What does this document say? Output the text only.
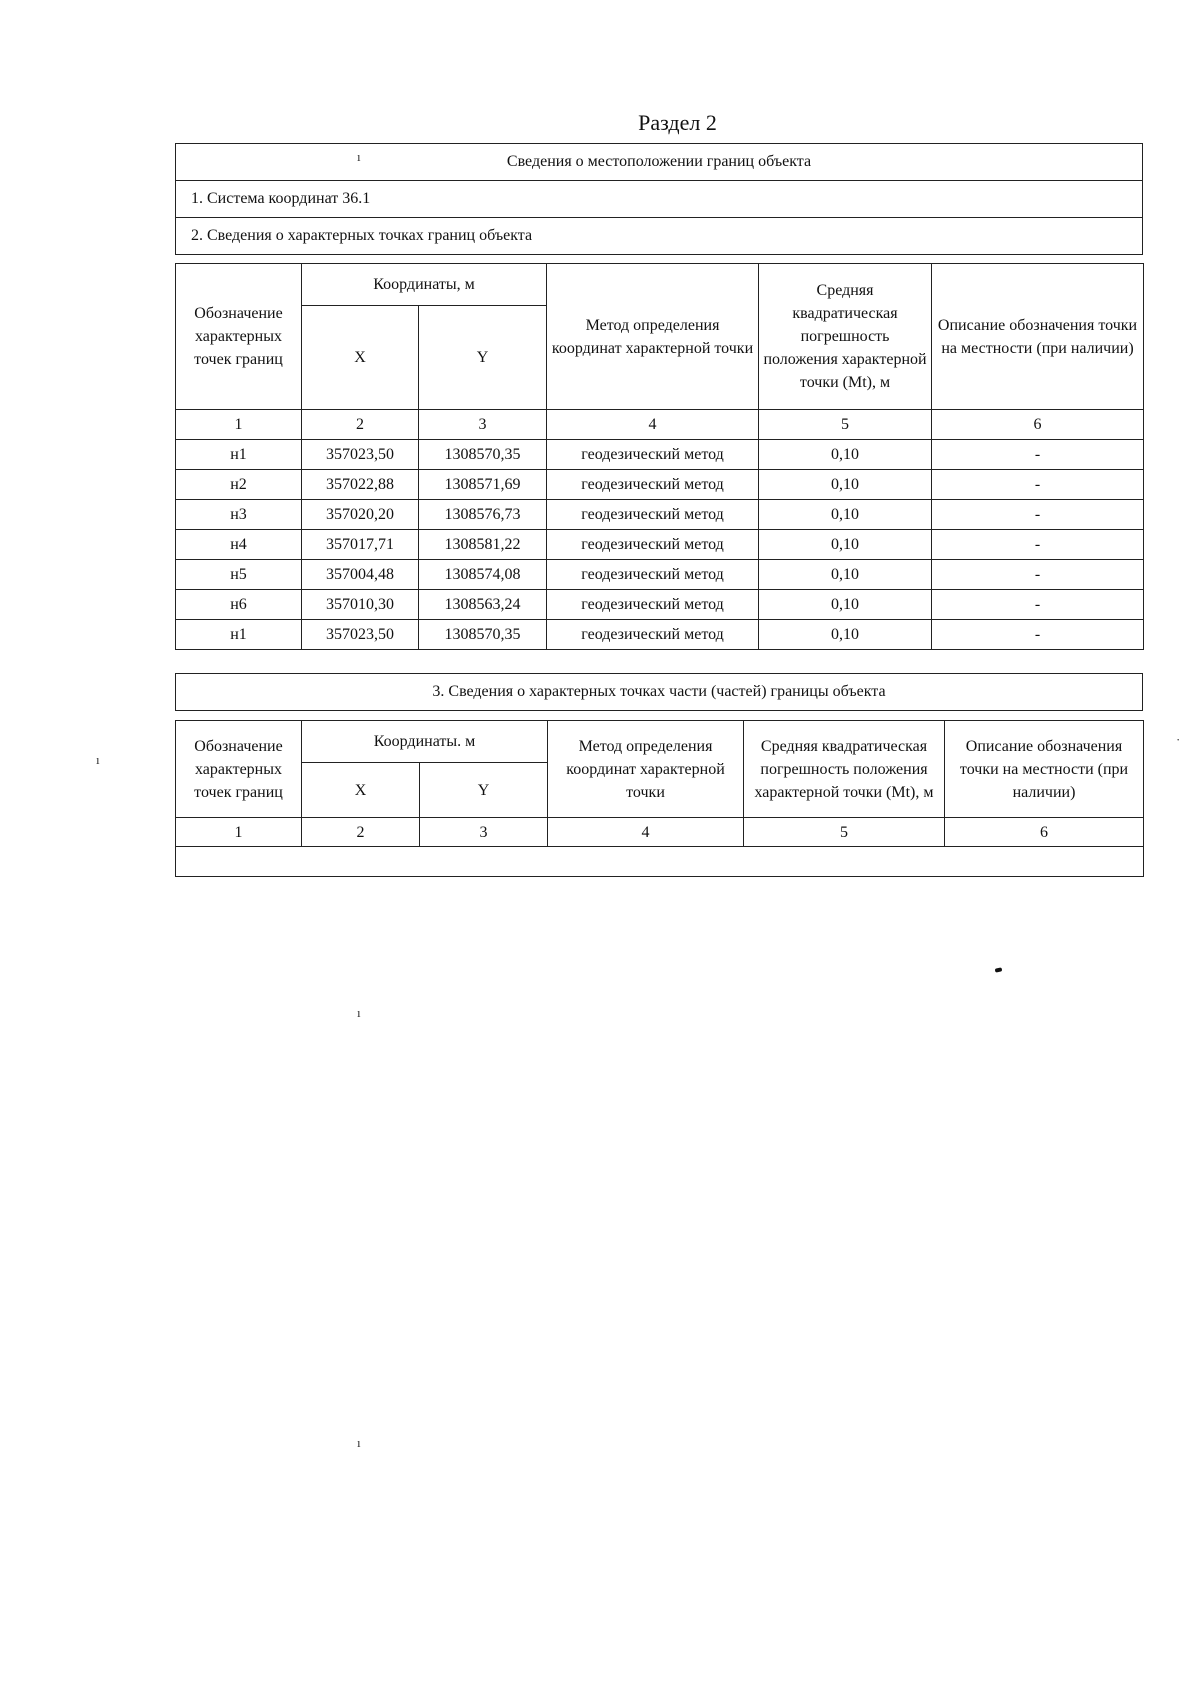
Раздел 2
Сведения о местоположении границ объекта
1. Система координат 36.1
2. Сведения о характерных точках границ объекта
Обозначение характерных точек границ	Координаты, м		Метод определения координат характерной точки	Средняя квадратическая погрешность положения характерной точки (Mt), м	Описание обозначения точки на местности (при наличии)
	X	Y			
1	2	3	4	5	6
н1	357023,50	1308570,35	геодезический метод	0,10	-
н2	357022,88	1308571,69	геодезический метод	0,10	-
н3	357020,20	1308576,73	геодезический метод	0,10	-
н4	357017,71	1308581,22	геодезический метод	0,10	-
н5	357004,48	1308574,08	геодезический метод	0,10	-
н6	357010,30	1308563,24	геодезический метод	0,10	-
н1	357023,50	1308570,35	геодезический метод	0,10	-
3. Сведения о характерных точках части (частей) границы объекта
Обозначение характерных точек границ	Координаты. м		Метод определения координат характерной точки	Средняя квадратическая погрешность положения характерной точки (Mt), м	Описание обозначения точки на местности (при наличии)
	X	Y			
1	2	3	4	5	6

ı
ı
ı
ı
·
